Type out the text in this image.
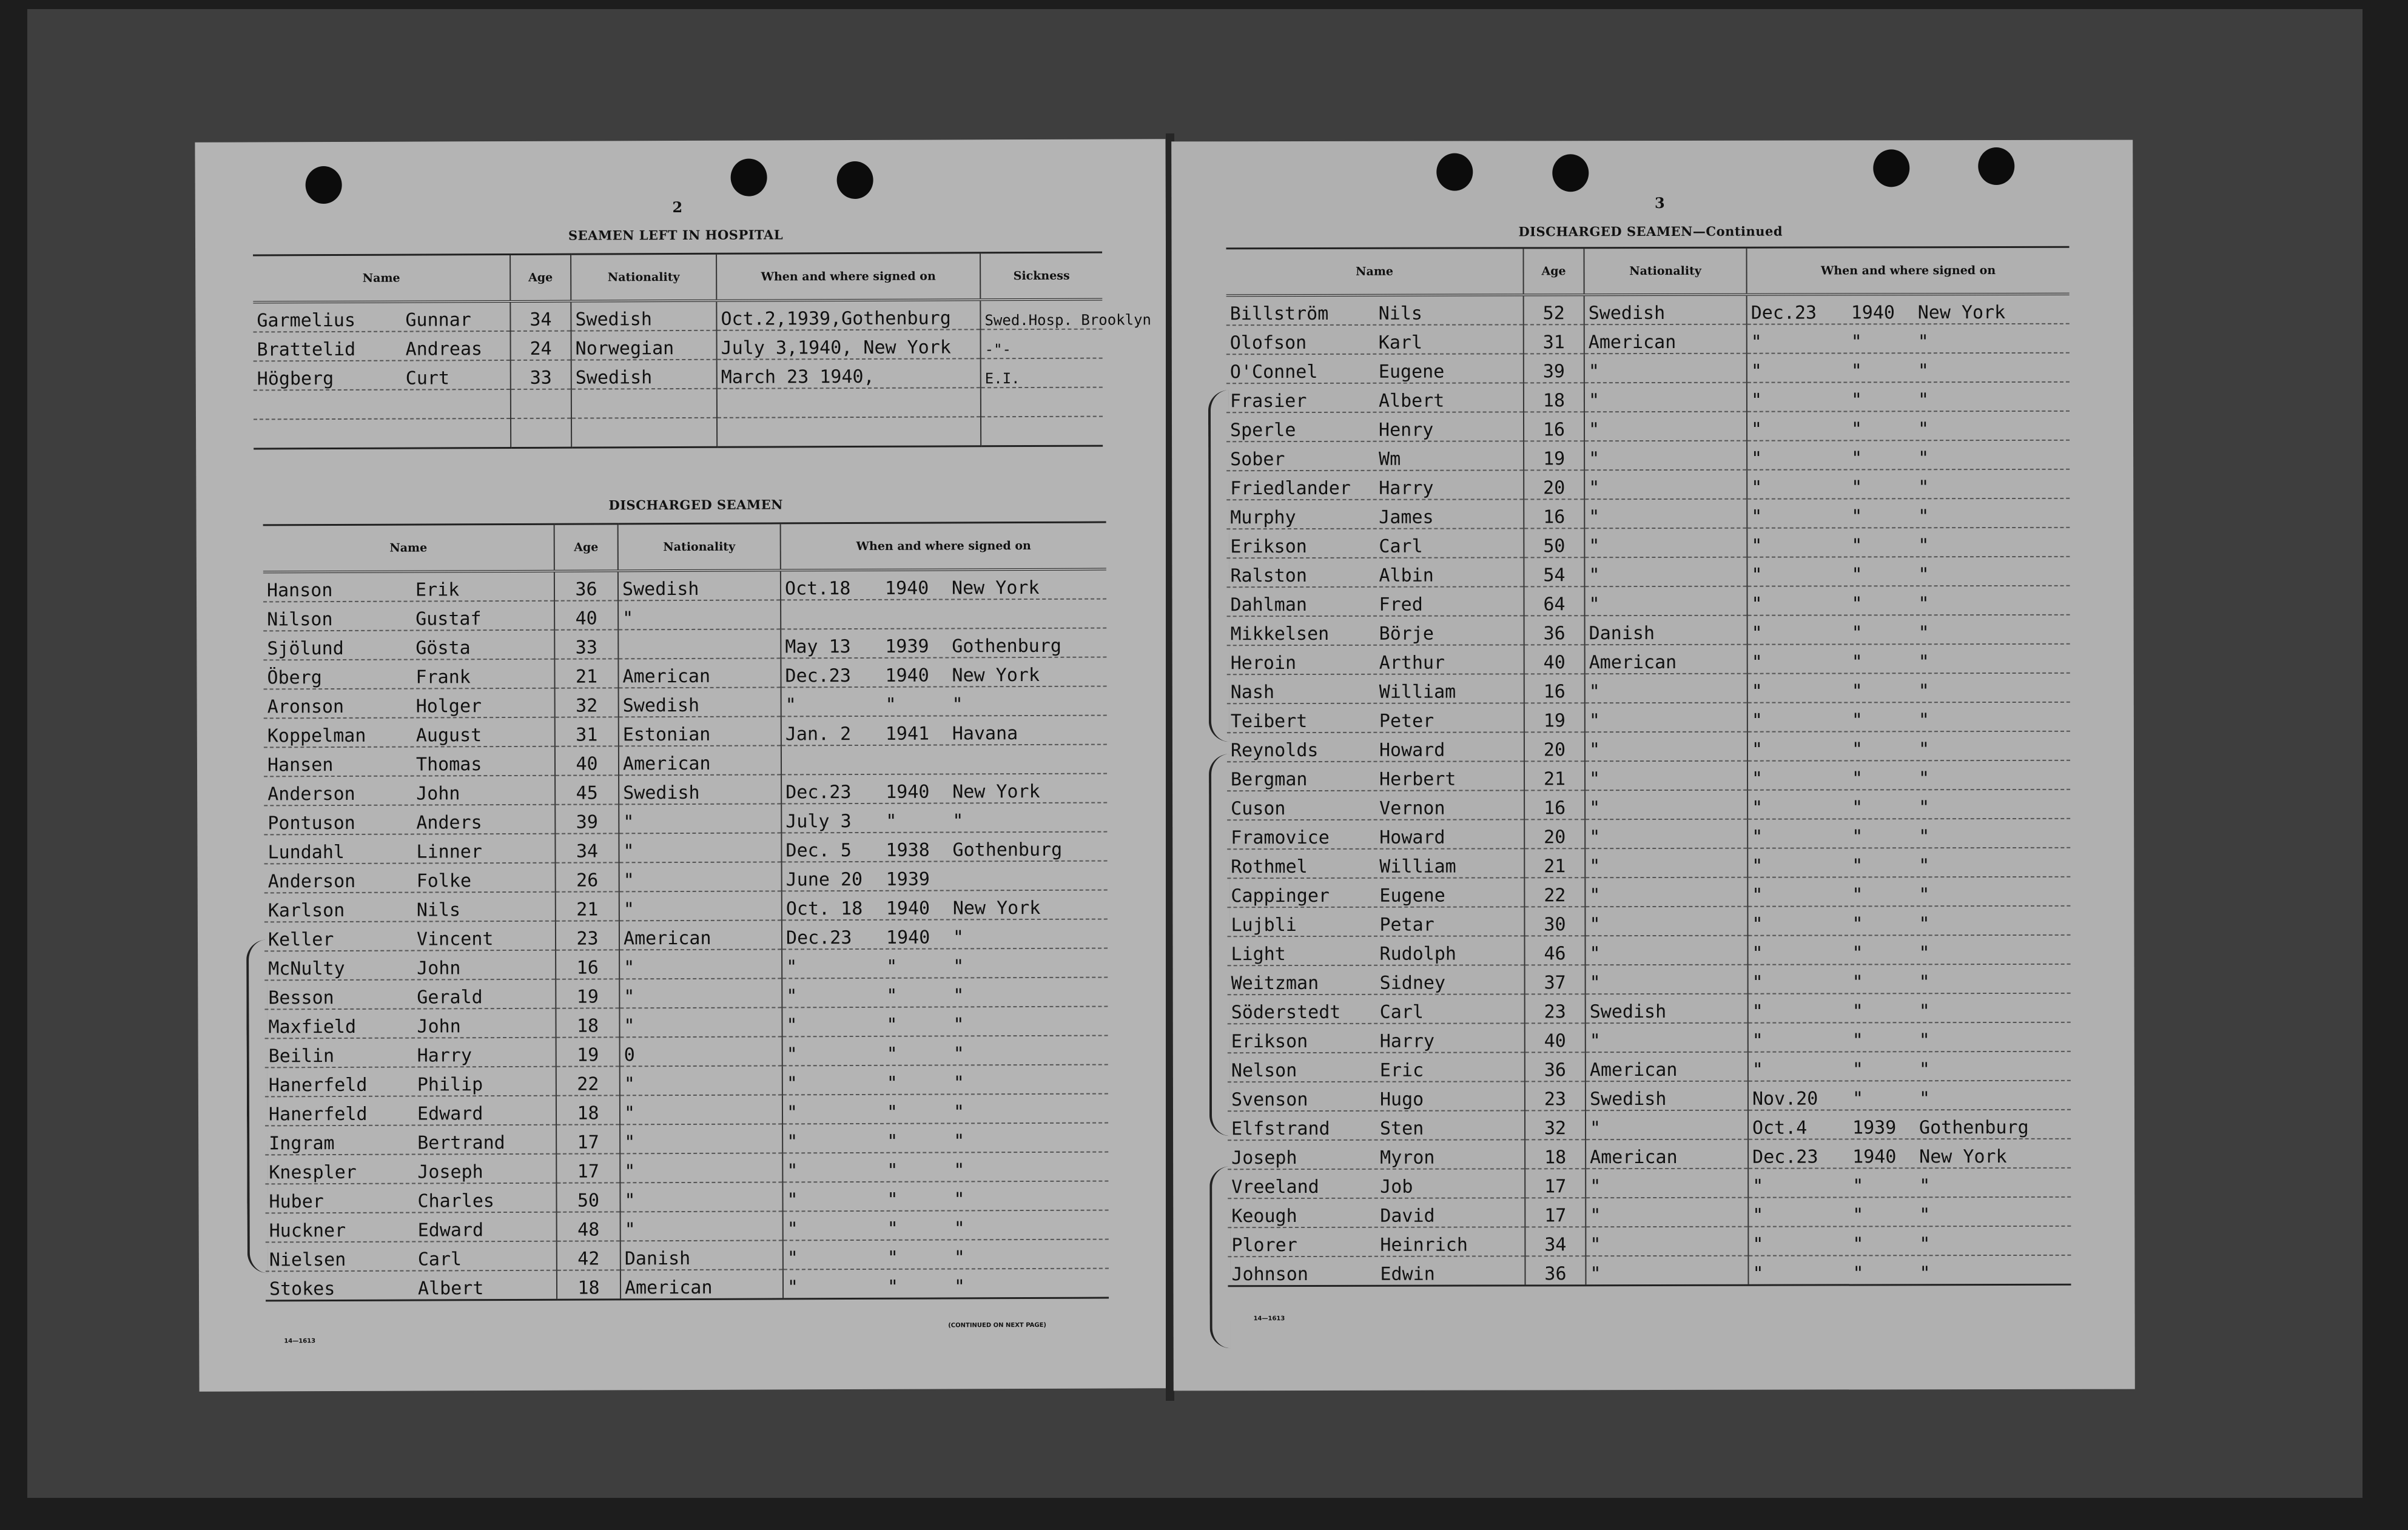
2
SEAMEN LEFT IN HOSPITAL
Name	Age	Nationality	When and where signed on	Sickness
Garmelius Gunnar	34	Swedish	Oct.2,1939,Gothenburg	Swed.Hosp. Brooklyn
Brattelid Andreas	24	Norwegian	July 3,1940, New York	-"-
Högberg Curt	33	Swedish	March 23 1940,	E.I.

DISCHARGED SEAMEN
Name	Age	Nationality	When and where signed on
Hanson Erik	36	Swedish	Oct.18 1940 New York
Nilson Gustaf	40	"	
Sjölund Gösta	33		May 13 1939 Gothenburg
Öberg Frank	21	American	Dec.23 1940 New York
Aronson Holger	32	Swedish	" " "
Koppelman August	31	Estonian	Jan. 2 1941 Havana
Hansen Thomas	40	American	
Anderson John	45	Swedish	Dec.23 1940 New York
Pontuson Anders	39	"	July 3 " "
Lundahl Linner	34	"	Dec. 5 1938 Gothenburg
Anderson Folke	26	"	June 20 1939
Karlson Nils	21	"	Oct. 18 1940 New York
Keller Vincent	23	American	Dec.23 1940 "
McNulty John	16	"	" " "
Besson Gerald	19	"	" " "
Maxfield John	18	"	" " "
Beilin Harry	19	0	" " "
Hanerfeld Philip	22	"	" " "
Hanerfeld Edward	18	"	" " "
Ingram Bertrand	17	"	" " "
Knespler Joseph	17	"	" " "
Huber Charles	50	"	" " "
Huckner Edward	48	"	" " "
Nielsen Carl	42	Danish	" " "
Stokes Albert	18	American	" " "
14—1613
(CONTINUED ON NEXT PAGE)
3
DISCHARGED SEAMEN—Continued
Name	Age	Nationality	When and where signed on
Billström Nils	52	Swedish	Dec.23 1940 New York
Olofson Karl	31	American	" " "
O'Connel Eugene	39	"	" " "
Frasier Albert	18	"	" " "
Sperle Henry	16	"	" " "
Sober Wm	19	"	" " "
Friedlander Harry	20	"	" " "
Murphy James	16	"	" " "
Erikson Carl	50	"	" " "
Ralston Albin	54	"	" " "
Dahlman Fred	64	"	" " "
Mikkelsen Börje	36	Danish	" " "
Heroin Arthur	40	American	" " "
Nash William	16	"	" " "
Teibert Peter	19	"	" " "
Reynolds Howard	20	"	" " "
Bergman Herbert	21	"	" " "
Cuson Vernon	16	"	" " "
Framovice Howard	20	"	" " "
Rothmel William	21	"	" " "
Cappinger Eugene	22	"	" " "
Lujbli Petar	30	"	" " "
Light Rudolph	46	"	" " "
Weitzman Sidney	37	"	" " "
Söderstedt Carl	23	Swedish	" " "
Erikson Harry	40	"	" " "
Nelson Eric	36	American	" " "
Svenson Hugo	23	Swedish	Nov.20 " "
Elfstrand Sten	32	"	Oct.4 1939 Gothenburg
Joseph Myron	18	American	Dec.23 1940 New York
Vreeland Job	17	"	" " "
Keough David	17	"	" " "
Plorer Heinrich	34	"	" " "
Johnson Edwin	36	"	" " "
14—1613
